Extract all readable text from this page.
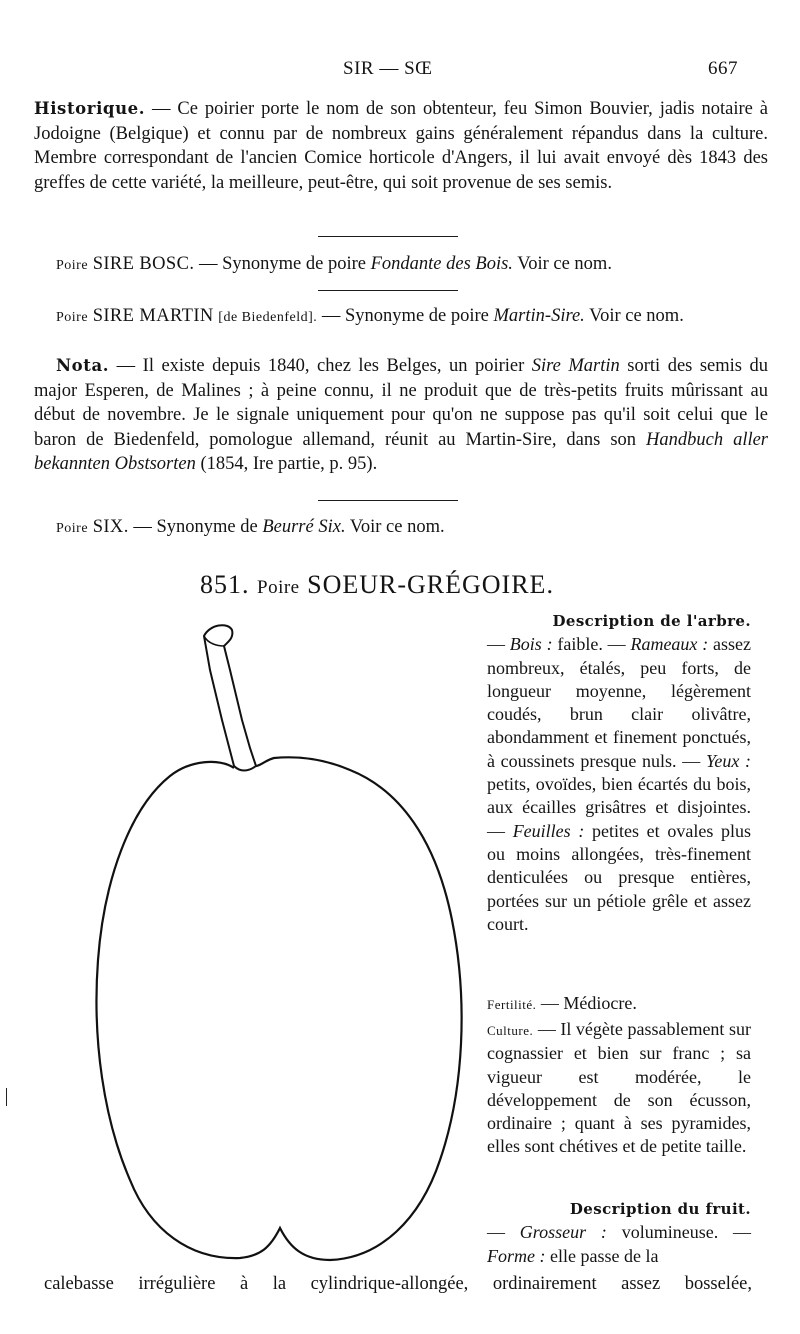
SIR — SŒ	667
Historique. — Ce poirier porte le nom de son obtenteur, feu Simon Bouvier, jadis notaire à Jodoigne (Belgique) et connu par de nombreux gains généralement répandus dans la culture. Membre correspondant de l'ancien Comice horticole d'Angers, il lui avait envoyé dès 1843 des greffes de cette variété, la meilleure, peut-être, qui soit provenue de ses semis.
Poire SIRE BOSC. — Synonyme de poire Fondante des Bois. Voir ce nom.
Poire SIRE MARTIN [de Biedenfeld]. — Synonyme de poire Martin-Sire. Voir ce nom.
Nota. — Il existe depuis 1840, chez les Belges, un poirier Sire Martin sorti des semis du major Esperen, de Malines ; à peine connu, il ne produit que de très-petits fruits mûrissant au début de novembre. Je le signale uniquement pour qu'on ne suppose pas qu'il soit celui que le baron de Biedenfeld, pomologue allemand, réunit au Martin-Sire, dans son Handbuch aller bekannten Obstsorten (1854, Ire partie, p. 95).
Poire SIX. — Synonyme de Beurré Six. Voir ce nom.
851. Poire SOEUR-GRÉGOIRE.
Description de l'arbre.
— Bois : faible. — Rameaux : assez nombreux, étalés, peu forts, de longueur moyenne, légèrement coudés, brun clair olivâtre, abondamment et finement ponctués, à coussinets presque nuls. — Yeux : petits, ovoïdes, bien écartés du bois, aux écailles grisâtres et disjointes. — Feuilles : petites et ovales plus ou moins allongées, très-finement denticulées ou presque entières, portées sur un pétiole grêle et assez court.
Fertilité. — Médiocre.
Culture. — Il végète passablement sur cognassier et bien sur franc ; sa vigueur est modérée, le développement de son écusson, ordinaire ; quant à ses pyramides, elles sont chétives et de petite taille.
Description du fruit.
— Grosseur : volumineuse. — Forme : elle passe de la
calebasse irrégulière à la cylindrique-allongée, ordinairement assez bosselée,
